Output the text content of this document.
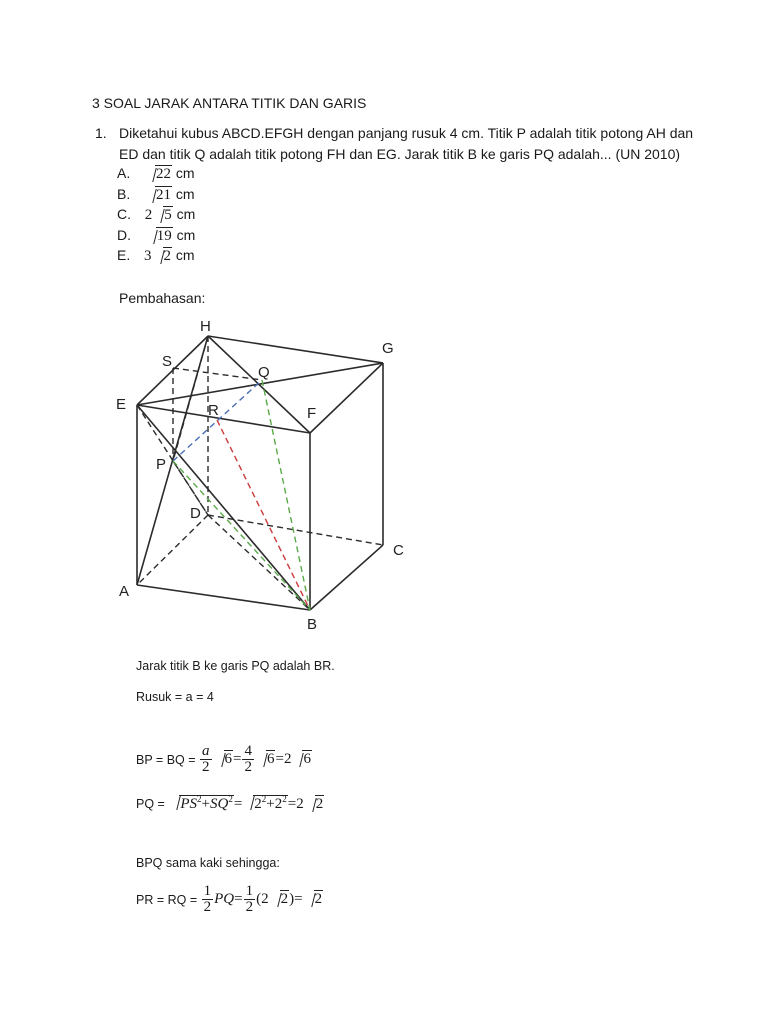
3 SOAL JARAK ANTARA TITIK DAN GARIS
1. Diketahui kubus ABCD.EFGH dengan panjang rusuk 4 cm. Titik P adalah titik potong AH dan
ED dan titik Q adalah titik potong FH dan EG. Jarak titik B ke garis PQ adalah... (UN 2010)
A. 22 cm
B. 21 cm
C. 2 5 cm
D. 19 cm
E. 3 2 cm
Pembahasan:
H
G
S
Q
E	R	F
P
D
C
A
B
Jarak titik B ke garis PQ adalah BR.
Rusuk = a = 4
BP = BQ =
$\frac{a}{2} 6 = \frac{4}{2} 6=2$ 6
PQ =
	$PS^2+SQ^2= 2^2+2^2=2$ 2
BPQ sama kaki sehingga:
PR = RQ =
$\frac{1}{2} PQ= \frac{1}{2} (2$ 2)= 2
